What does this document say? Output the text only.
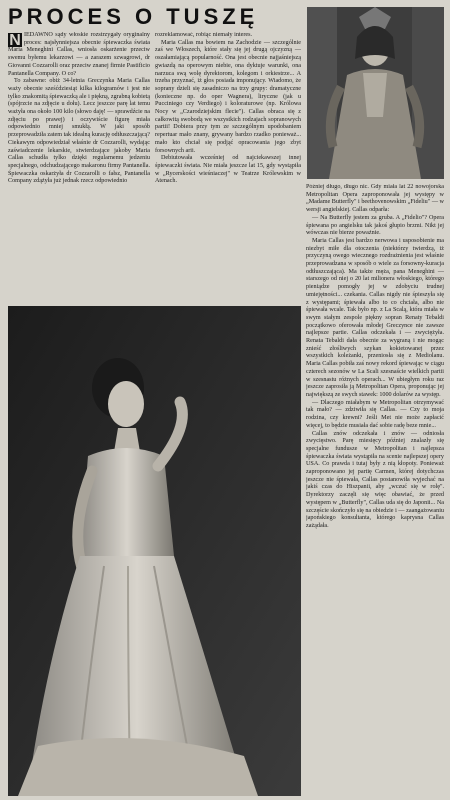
PROCES O TUSZĘ

N IEDAWNO sądy włoskie rozstrzygały oryginalny proces: najsłynniejsza obecnie śpiewaczka świata Maria Meneghini Callas, wniosła oskarżenie przeciw swemu byłemu lekarzowi — a zarazem szwagrowi, dr Giovanni Cozzarolli oraz przeciw znanej firmie Pastificio Pantanella Company. O co?

To zabawne: obiż 34-letnia Greczynka Maria Callas waży obecnie sześćdziesiąt kilka kilogramów i jest nie tylko znakomitą śpiewaczką ale i piękną, zgrabną kobietą (spójrzcie na zdjęcie u dołu). Lecz jeszcze parę lat temu ważyła ona około 100 kilo (słowo daję! — sprawdźcie na zdjęciu po prawej) i oczywiście figurę miała odpowiednio mniej smukłą. W jaki sposób przeprowadziła zatem tak idealną kurację odtłuszczającą? Ciekawym odpowiedział właśnie dr Cozzarolli, wydając zaświadczenie lekarskie, stwierdzające jakoby Maria Callas schudła tylko dzięki regularnemu jedzeniu specjalnego, odchudzającego makaronu firmy Pantanella. Śpiewaczka oskarżyła dr Cozzarolli o fałsz, Pantanella Company zdążyła już jednak rzecz odpowiednio

rozreklamować, robiąc niemały interes.

Maria Callas ma bowiem na Zachodzie — szczególnie zaś we Włoszech, które stały się jej drugą ojczyzną — oszałamiającą popularność. Ona jest obecnie najjaśniejszą gwiazdą na operowym niebie, ona dyktuje warunki, ona narzuca swą wolę dyrektorom, kolegom i orkiestrze... A trzeba przyznać, iż głos posiada imponujący. Wiadomo, że soprany dzieli się zasadniczo na trzy grupy: dramatyczne (konieczne np. do oper Wagnera), liryczne (jak u Pucciniego czy Verdiego) i koloraturowe (np. Królowa Nocy w „Czarodziejskim flecie"). Callas obraca się z całkowitą swobodą we wszystkich rodzajach sopranowych partii! Dobiera przy tym ze szczególnym upodobaniem repertuar mało znany, grywany bardzo rzadko ponieważ... mało kto chciał się podjąć opracowania jego zbyt forsownych arii.

Debiutowała wcześniej od najciekawszej innej śpiewaczki świata. Nie miała jeszcze lat 15, gdy wystąpiła w „Rycerskości wieśniaczej" w Teatrze Królewskim w Atenach.

Później długo, długo nic. Gdy miała lat 22 nowojorska Metropolitan Opera zaproponowała jej występy w „Madame Butterfly" i beethovenowskim „Fideliu" — w wersji angielskiej. Callas odparła:

— Na Butterfly jestem za gruba. A „Fidelio"? Opera śpiewana po angielsku tak jakoś głupio brzmi. Nikt jej wówczas nie bierze poważnie.

Maria Callas jest bardzo nerwowa i usposobienie ma niezbyt miłe dla otoczenia (niektórzy twierdzą, iż przyczyną owego wiecznego rozdrażnienia jest właśnie przeprowadzana w sposób o wiele za forsowny-kuracja odtłuszczająca). Ma także męża, pana Meneghini — starszego od niej o 20 lat milionera włoskiego, którego pieniądze pomogły jej w zdobyciu trudnej umiejętności... czekania. Callas nigdy nie śpieszyła się z występami; śpiewała albo to co chciała, albo nie śpiewała wcale. Tak było np. z La Scalą, która miała w swym stałym zespole piękny sopran Renaty Tebaldi początkowo oferowała młodej Greczynce nie zawsze najlepsze partie. Callas odczekała i — zwyciężyła. Renata Tebaldi dała obecnie za wygraną i nie mogąc znieść złośliwych szykan kokietowanej przez wszystkich koleżanki, przeniosła się z Mediolanu. Maria Callas pobiła zaś nowy rekord śpiewając w ciągu czterech sezonów w La Scali szesnaście wielkich partii w szesnastu różnych operach... W ubiegłym roku raz jeszcze zaprosiła ją Metropolitan Opera, proponując jej największą ze swych stawek: 1000 dolarów za występ.

— Dlaczego miałabym w Metropolitan otrzymywać tak mało? — zdziwiła się Callas. — Czy to moja rodzina, czy krewni? Jeśli Met nie może zapłacić więcej, to będzie musiała dać sobie radę beze mnie...

Callas znów odczekała i znów — odniosła zwycięstwo. Parę miesięcy później znalazły się specjalne fundusze w Metropolitan i najlepsza śpiewaczka świata wystąpiła na scenie najlepszej opery USA. Co prawda i tutaj były z nią kłopoty. Ponieważ zaproponowano jej partię Carmen, której dotychczas jeszcze nie śpiewała, Callas postanowiła wyjechać na jakiś czas do Hiszpanii, aby „wczuć się w rolę". Dyrektorzy zaczęli się więc obawiać, że przed występem w „Butterfly", Callas uda się do Japonii... Na szczęście skończyło się na obiedzie i — zaangażowaniu japońskiego konsultanta, którego kaprysna Callas zażądała.
